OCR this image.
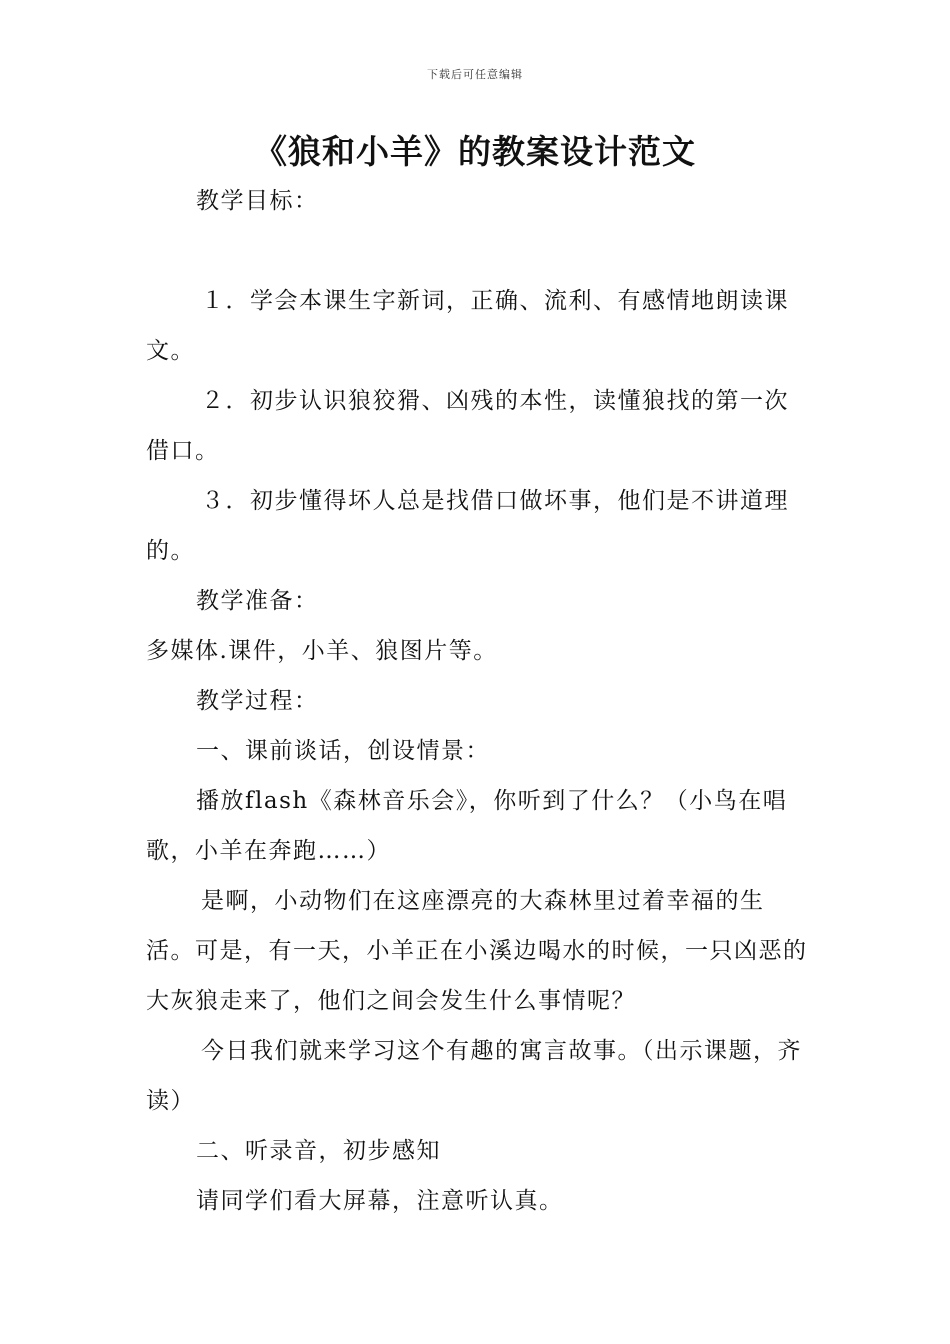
下载后可任意编辑
《狼和小羊》的教案设计范文
教学目标：
１．学会本课生字新词，正确、流利、有感情地朗读课文。
２．初步认识狼狡猾、凶残的本性，读懂狼找的第一次借口。
３．初步懂得坏人总是找借口做坏事，他们是不讲道理的。
教学准备：
多媒体.课件，小羊、狼图片等。
教学过程：
一、课前谈话，创设情景：
播放flash《森林音乐会》，你听到了什么？（小鸟在唱歌，小羊在奔跑……）
是啊，小动物们在这座漂亮的大森林里过着幸福的生活。可是，有一天，小羊正在小溪边喝水的时候，一只凶恶的大灰狼走来了，他们之间会发生什么事情呢？
今日我们就来学习这个有趣的寓言故事。（出示课题，齐读）
二、听录音，初步感知
请同学们看大屏幕，注意听认真。
